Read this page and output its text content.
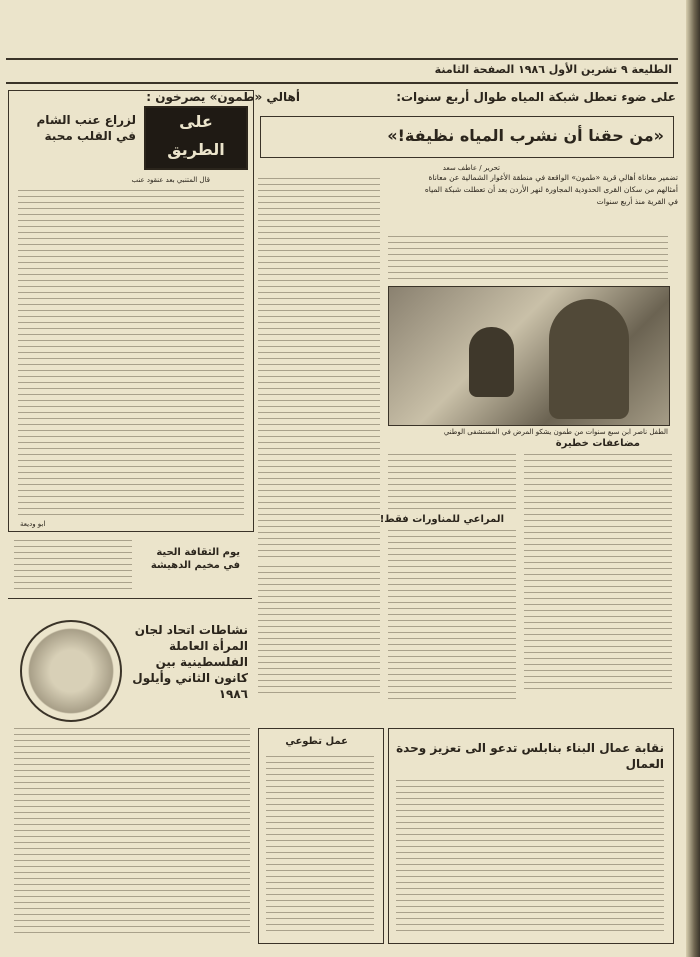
الطليعة ٩ تشرين الأول ١٩٨٦ الصفحة الثامنة
على ضوء تعطل شبكة المياه طوال أربع سنوات:
أهالي «طمون» يصرخون :
«من حقنا أن نشرب المياه نظيفة!»
تحرير / عاطف سعد
تضمير معاناة أهالي قرية «طمون» الواقعة في منطقة الأغوار الشمالية عن معاناة أمثالهم من سكان القرى الحدودية المجاورة لنهر الأردن بعد أن تعطلت شبكة المياه في القرية منذ أربع سنوات
الطفل ناصر ابن سبع سنوات من طمون يشكو المرض في المستشفى الوطني
مضاعفات خطيرة
المراعي للمناورات فقط!
عمل تطوعي	نقابة عمال البناء بنابلس تدعو الى تعزيز وحدة العمال
على
الطريق
لزراع عنب الشام في القلب محبة
قال المتنبي بعد عنقود عنب
ابو وديعة
يوم الثقافة الحية في مخيم الدهيشة
نشاطات اتحاد لجان المرأة العاملة الفلسطينية بين كانون الثاني وأيلول ١٩٨٦
